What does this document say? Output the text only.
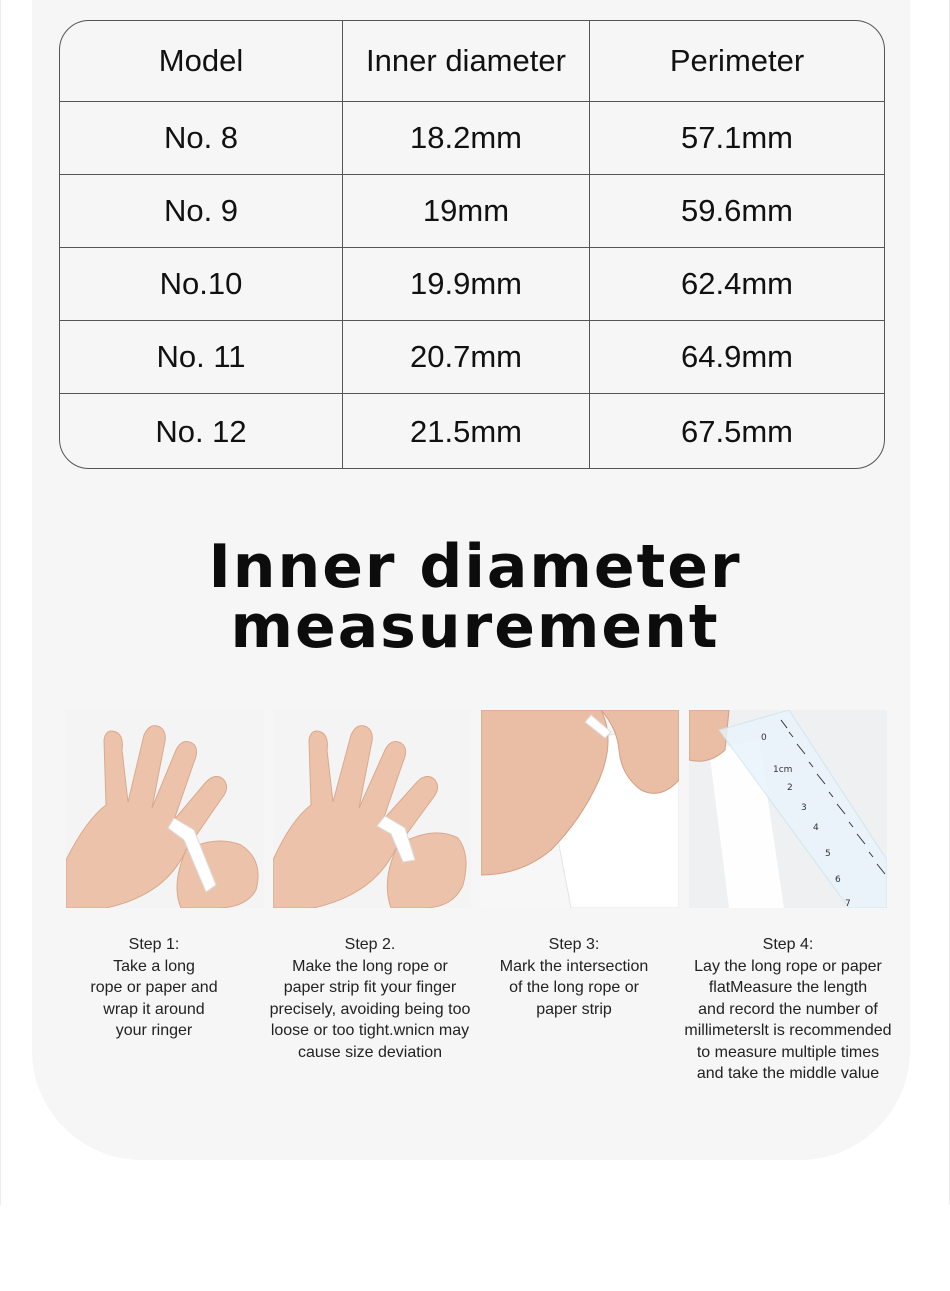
Model	Inner diameter	Perimeter
No. 8	18.2mm	57.1mm
No. 9	19mm	59.6mm
No.10	19.9mm	62.4mm
No. 11	20.7mm	64.9mm
No. 12	21.5mm	67.5mm
Inner diameter
measurement
0
1cm
2
3
4
5
6
7
Step 1:
Take a long
rope or paper and
wrap it around
your ringer
Step 2.
Make the long rope or
paper strip fit your finger
precisely, avoiding being too
loose or too tight.wnicn may
cause size deviation
Step 3:
Mark the intersection
of the long rope or
paper strip
Step 4:
Lay the long rope or paper
flatMeasure the length
and record the number of
millimeterslt is recommended
to measure multiple times
and take the middle value
